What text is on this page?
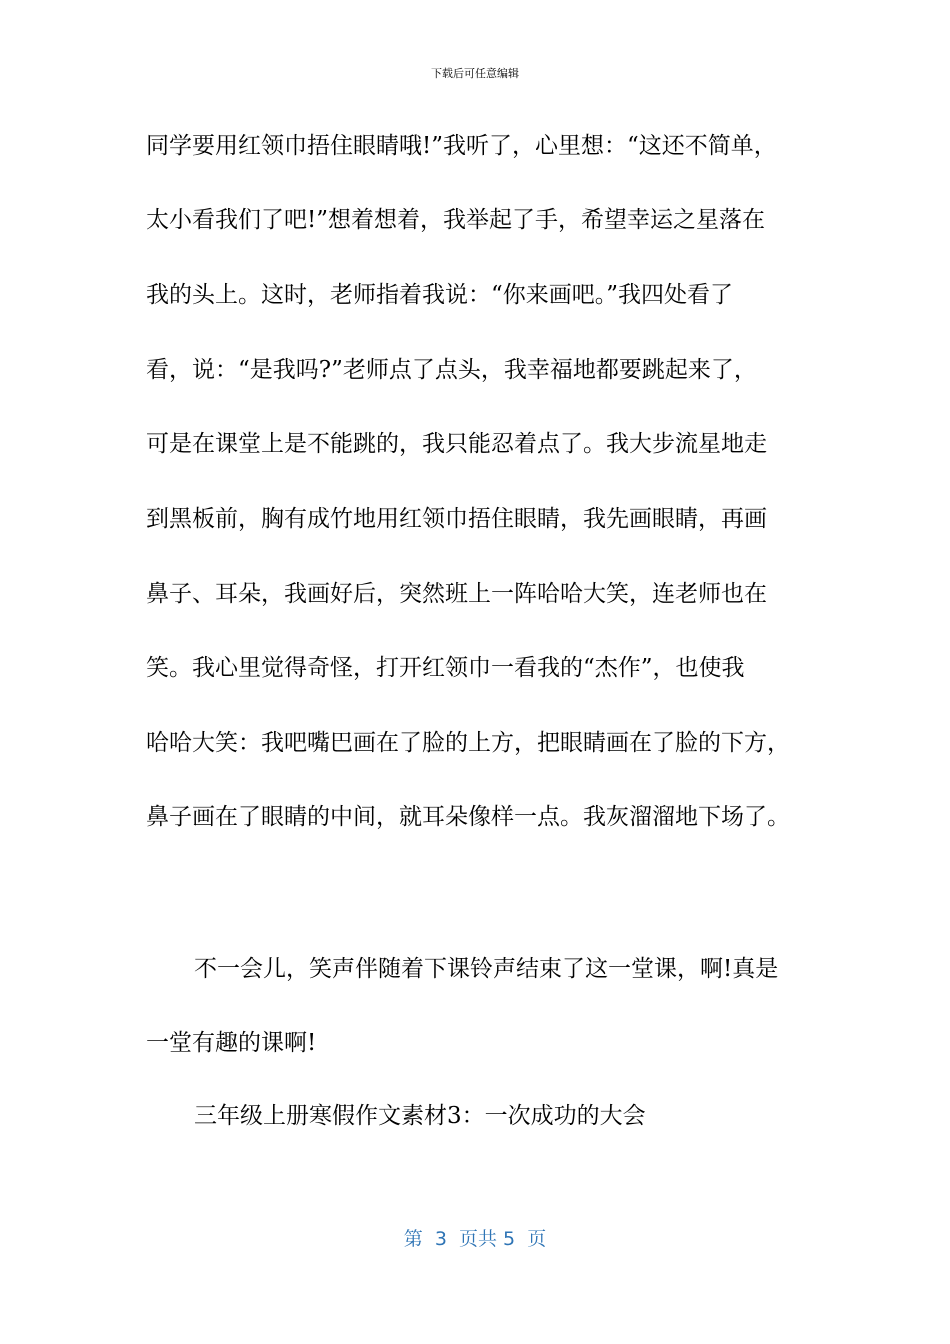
下载后可任意编辑
同学要用红领巾捂住眼睛哦!”我听了，心里想：“这还不简单，
太小看我们了吧!”想着想着，我举起了手，希望幸运之星落在
我的头上。这时，老师指着我说：“你来画吧。”我四处看了
看，说：“是我吗?”老师点了点头，我幸福地都要跳起来了，
可是在课堂上是不能跳的，我只能忍着点了。我大步流星地走
到黑板前，胸有成竹地用红领巾捂住眼睛，我先画眼睛，再画
鼻子、耳朵，我画好后，突然班上一阵哈哈大笑，连老师也在
笑。我心里觉得奇怪，打开红领巾一看我的“杰作”，也使我
哈哈大笑：我吧嘴巴画在了脸的上方，把眼睛画在了脸的下方，
鼻子画在了眼睛的中间，就耳朵像样一点。我灰溜溜地下场了。
不一会儿，笑声伴随着下课铃声结束了这一堂课，啊!真是
一堂有趣的课啊!
三年级上册寒假作文素材3：一次成功的大会
第  3  页共 5  页
